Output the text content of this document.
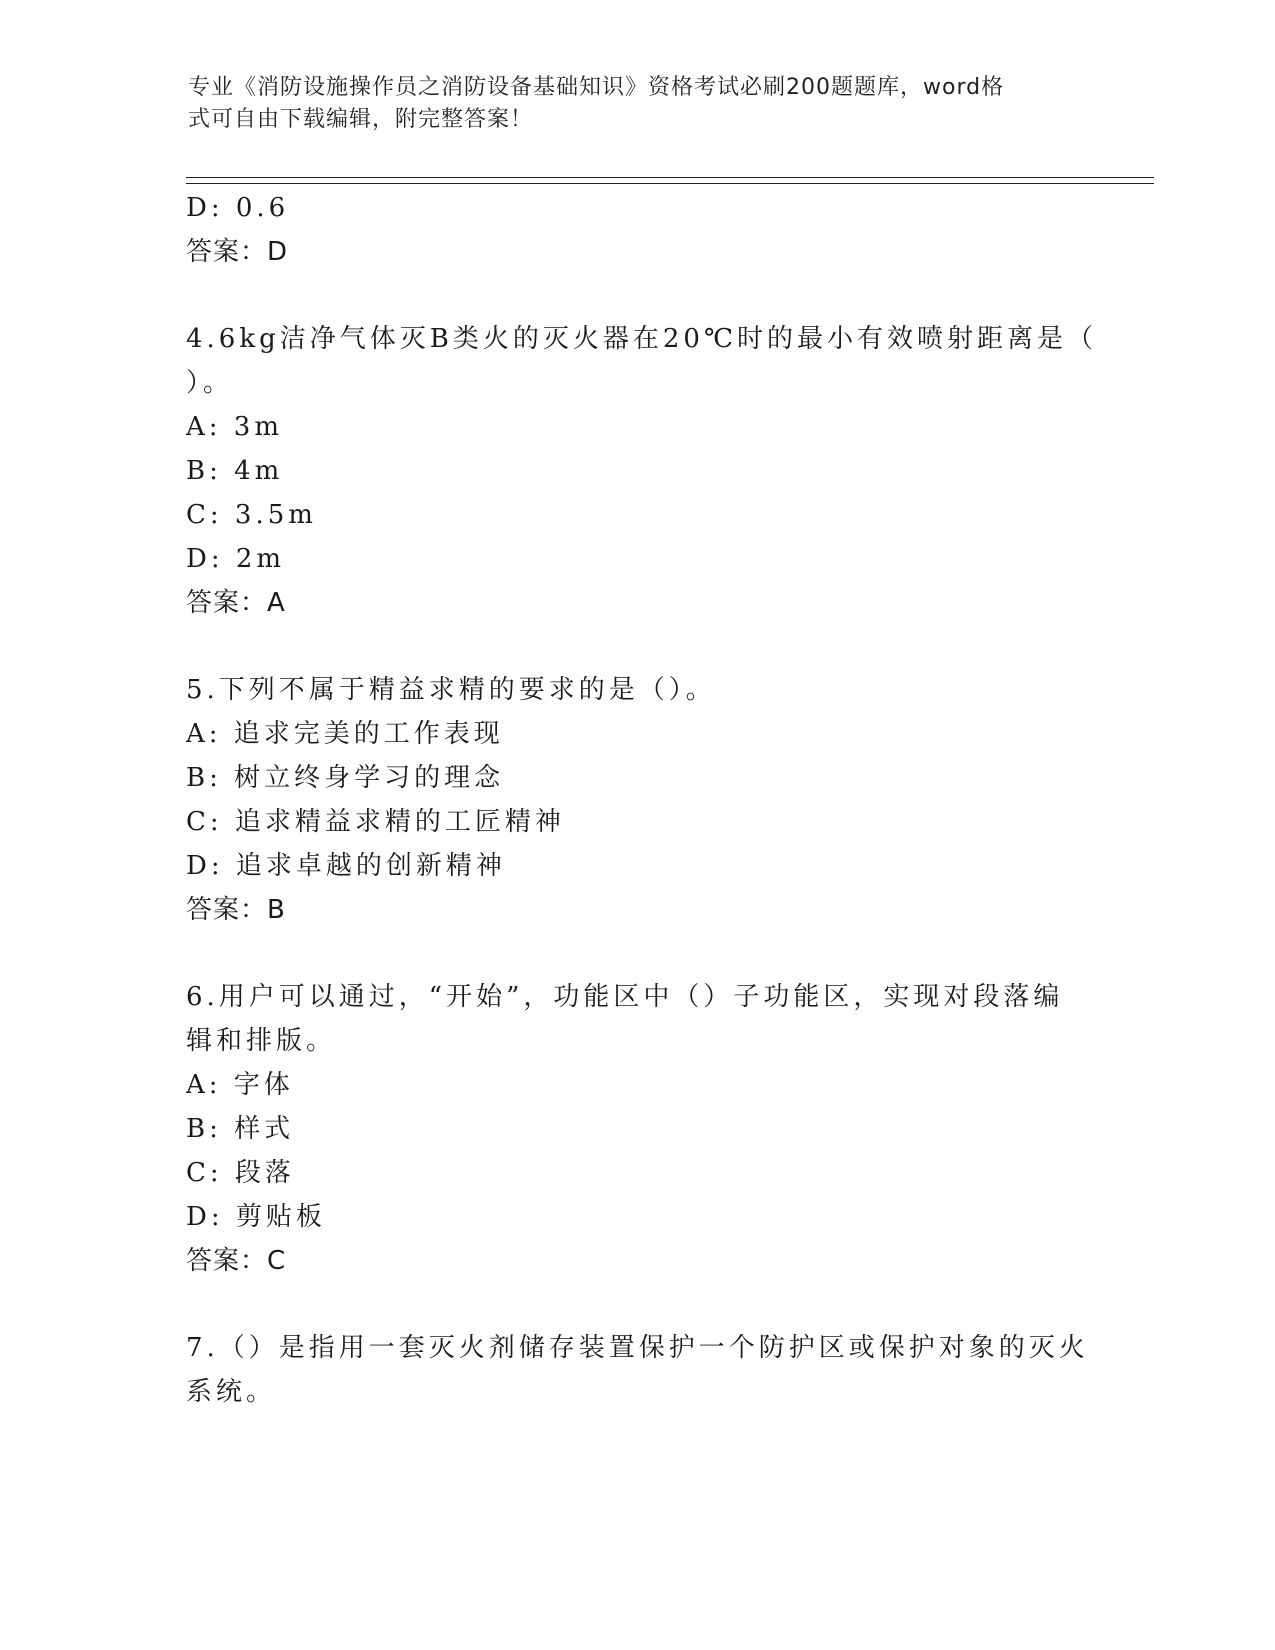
专业《消防设施操作员之消防设备基础知识》资格考试必刷200题题库，word格
式可自由下载编辑，附完整答案！
D: 0.6
答案：D
4.6kg洁净气体灭B类火的灭火器在20℃时的最小有效喷射距离是（
）。
A: 3m
B: 4m
C: 3.5m
D: 2m
答案：A
5.下列不属于精益求精的要求的是（）。
A: 追求完美的工作表现
B: 树立终身学习的理念
C: 追求精益求精的工匠精神
D: 追求卓越的创新精神
答案：B
6.用户可以通过，“开始”，功能区中（）子功能区，实现对段落编
辑和排版。
A: 字体
B: 样式
C: 段落
D: 剪贴板
答案：C
7.（）是指用一套灭火剂储存装置保护一个防护区或保护对象的灭火
系统。
